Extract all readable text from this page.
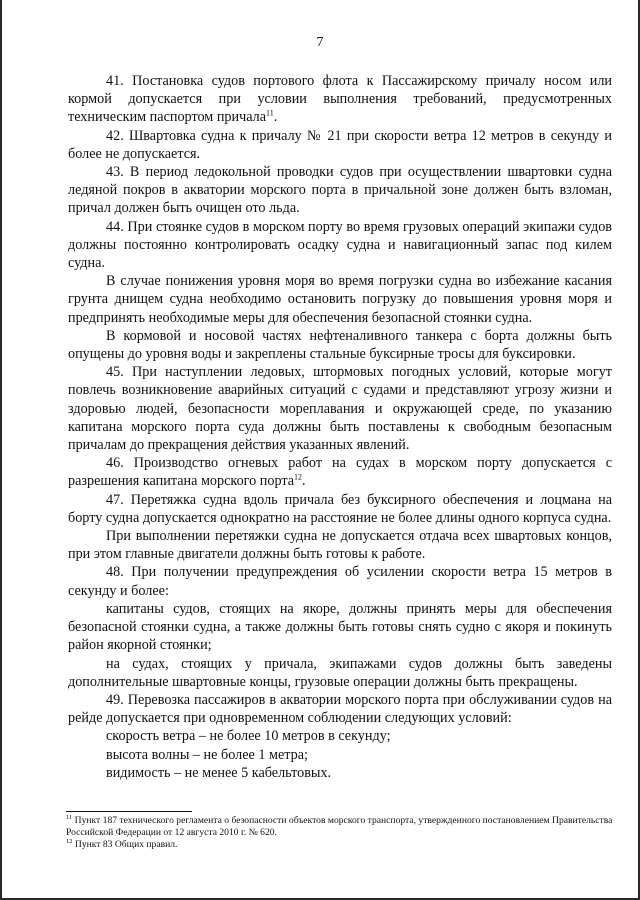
7

41. Постановка судов портового флота к Пассажирскому причалу носом или кормой допускается при условии выполнения требований, предусмотренных техническим паспортом причала$^{11}$.

42. Швартовка судна к причалу № 21 при скорости ветра 12 метров в секунду и более не допускается.

43. В период ледокольной проводки судов при осуществлении швартовки судна ледяной покров в акватории морского порта в причальной зоне должен быть взломан, причал должен быть очищен ото льда.

44. При стоянке судов в морском порту во время грузовых операций экипажи судов должны постоянно контролировать осадку судна и навигационный запас под килем судна.

В случае понижения уровня моря во время погрузки судна во избежание касания грунта днищем судна необходимо остановить погрузку до повышения уровня моря и предпринять необходимые меры для обеспечения безопасной стоянки судна.

В кормовой и носовой частях нефтеналивного танкера с борта должны быть опущены до уровня воды и закреплены стальные буксирные тросы для буксировки.

45. При наступлении ледовых, штормовых погодных условий, которые могут повлечь возникновение аварийных ситуаций с судами и представляют угрозу жизни и здоровью людей, безопасности мореплавания и окружающей среде, по указанию капитана морского порта суда должны быть поставлены к свободным безопасным причалам до прекращения действия указанных явлений.

46. Производство огневых работ на судах в морском порту допускается с разрешения капитана морского порта$^{12}$.

47. Перетяжка судна вдоль причала без буксирного обеспечения и лоцмана на борту судна допускается однократно на расстояние не более длины одного корпуса судна.

При выполнении перетяжки судна не допускается отдача всех швартовых концов, при этом главные двигатели должны быть готовы к работе.

48. При получении предупреждения об усилении скорости ветра 15 метров в секунду и более:

капитаны судов, стоящих на якоре, должны принять меры для обеспечения безопасной стоянки судна, а также должны быть готовы снять судно с якоря и покинуть район якорной стоянки;

на судах, стоящих у причала, экипажами судов должны быть заведены дополнительные швартовные концы, грузовые операции должны быть прекращены.

49. Перевозка пассажиров в акватории морского порта при обслуживании судов на рейде допускается при одновременном соблюдении следующих условий:

скорость ветра – не более 10 метров в секунду;

высота волны – не более 1 метра;

видимость – не менее 5 кабельтовых.

$^{11}$ Пункт 187 технического регламента о безопасности объектов морского транспорта, утвержденного постановлением Правительства Российской Федерации от 12 августа 2010 г. № 620.

$^{12}$ Пункт 83 Общих правил.
